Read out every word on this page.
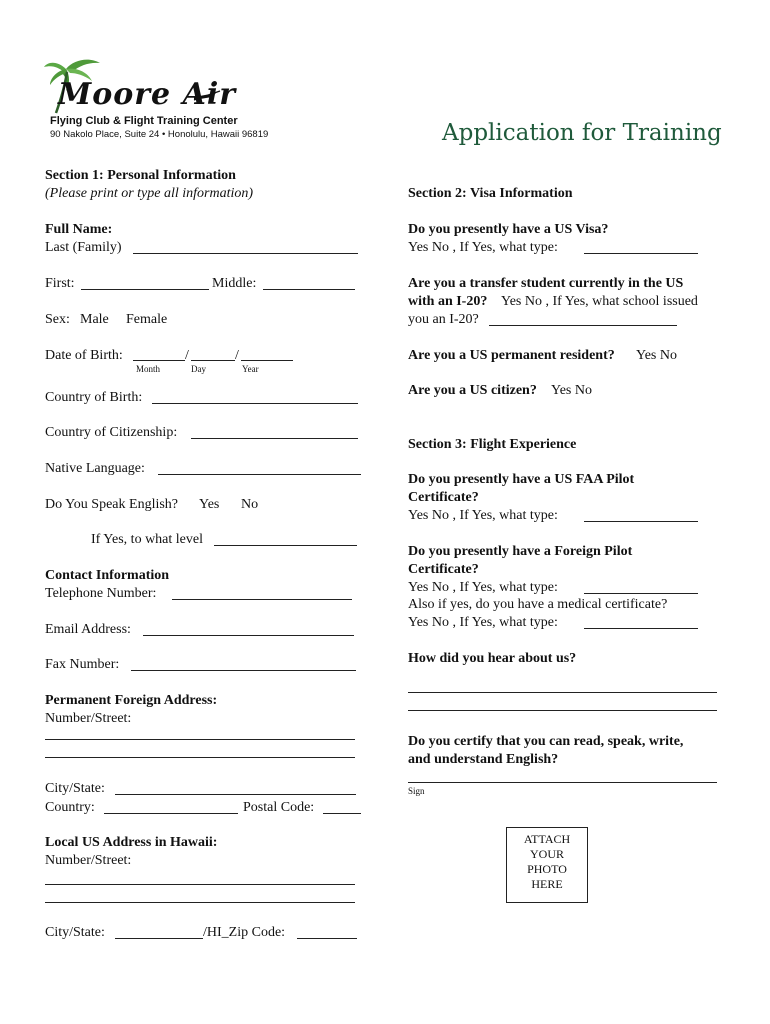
Moore Air
Flying Club & Flight Training Center
90 Nakolo Place, Suite 24 • Honolulu, Hawaii 96819	Application for Training
Section 1: Personal Information
(Please print or type all information)
Full Name:
Last (Family)
First:	Middle:
Sex: Male Female
Date of Birth:	/	/
Month	Day	Year
Country of Birth:
Country of Citizenship:
Native Language:
Do You Speak English? Yes No
If Yes, to what level
Contact Information
Telephone Number:
Email Address:
Fax Number:
Permanent Foreign Address:
Number/Street:
City/State:
Country:	Postal Code:
Local US Address in Hawaii:
Number/Street:
City/State:	/HI_Zip Code:
Section 2: Visa Information
Do you presently have a US Visa?
Yes No , If Yes, what type:
Are you a transfer student currently in the US
with an I-20? Yes No , If Yes, what school issued
you an I-20?
Are you a US permanent resident? Yes No
Are you a US citizen? Yes No
Section 3: Flight Experience
Do you presently have a US FAA Pilot
Certificate?
Yes No , If Yes, what type:
Do you presently have a Foreign Pilot
Certificate?
Yes No , If Yes, what type:
Also if yes, do you have a medical certificate?
Yes No , If Yes, what type:
How did you hear about us?
Do you certify that you can read, speak, write,
and understand English?
Sign
ATTACH
YOUR
PHOTO
HERE
